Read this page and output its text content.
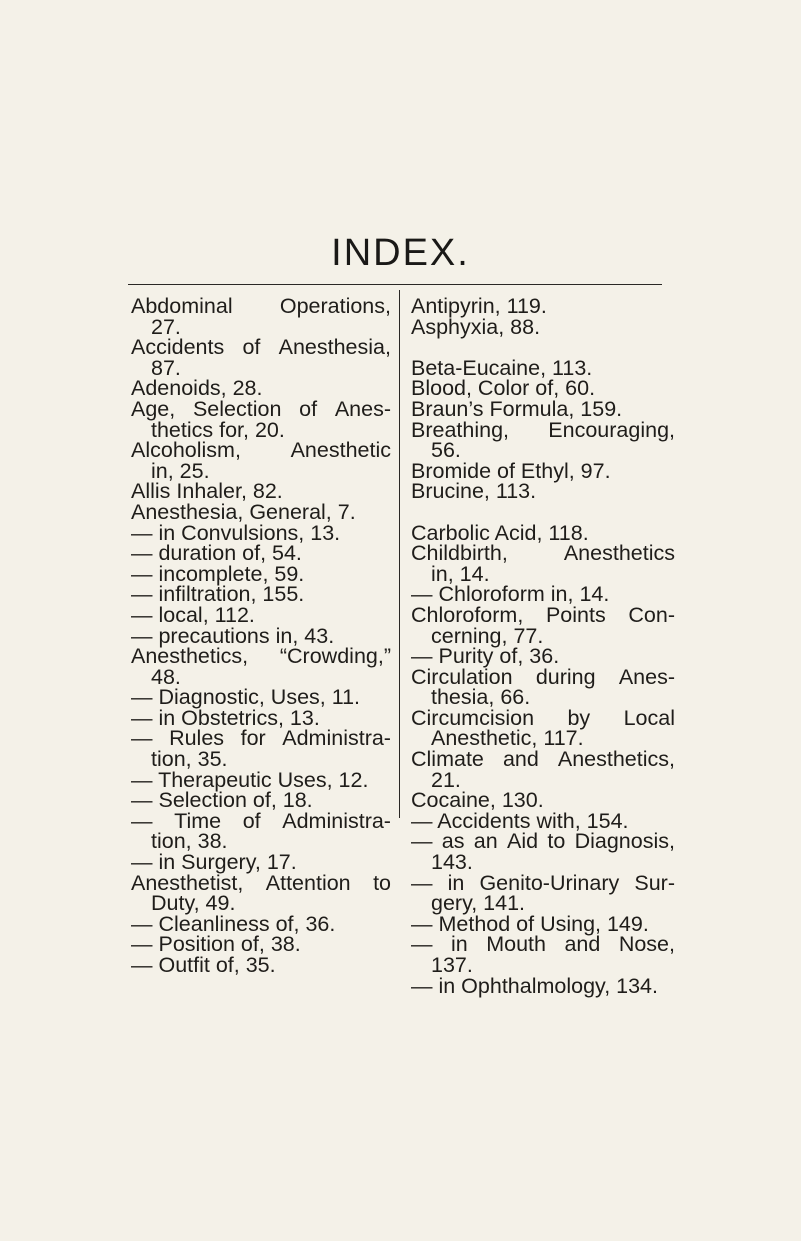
INDEX.
Abdominal Operations,
27.
Accidents of Anesthesia,
87.
Adenoids, 28.
Age, Selection of Anes-
thetics for, 20.
Alcoholism, Anesthetic
in, 25.
Allis Inhaler, 82.
Anesthesia, General, 7.
— in Convulsions, 13.
— duration of, 54.
— incomplete, 59.
— infiltration, 155.
— local, 112.
— precautions in, 43.
Anesthetics, “Crowding,”
48.
— Diagnostic, Uses, 11.
— in Obstetrics, 13.
— Rules for Administra-
tion, 35.
— Therapeutic Uses, 12.
— Selection of, 18.
— Time of Administra-
tion, 38.
— in Surgery, 17.
Anesthetist, Attention to
Duty, 49.
— Cleanliness of, 36.
— Position of, 38.
— Outfit of, 35.
Antipyrin, 119.
Asphyxia, 88.
Beta-Eucaine, 113.
Blood, Color of, 60.
Braun’s Formula, 159.
Breathing, Encouraging,
56.
Bromide of Ethyl, 97.
Brucine, 113.
Carbolic Acid, 118.
Childbirth,	Anesthetics
in, 14.
— Chloroform in, 14.
Chloroform, Points Con-
cerning, 77.
— Purity of, 36.
Circulation during Anes-
thesia, 66.
Circumcision by Local
Anesthetic, 117.
Climate and Anesthetics,
21.
Cocaine, 130.
— Accidents with, 154.
— as an Aid to Diagnosis,
143.
— in Genito-Urinary Sur-
gery, 141.
— Method of Using, 149.
— in Mouth and Nose,
137.
— in Ophthalmology, 134.
